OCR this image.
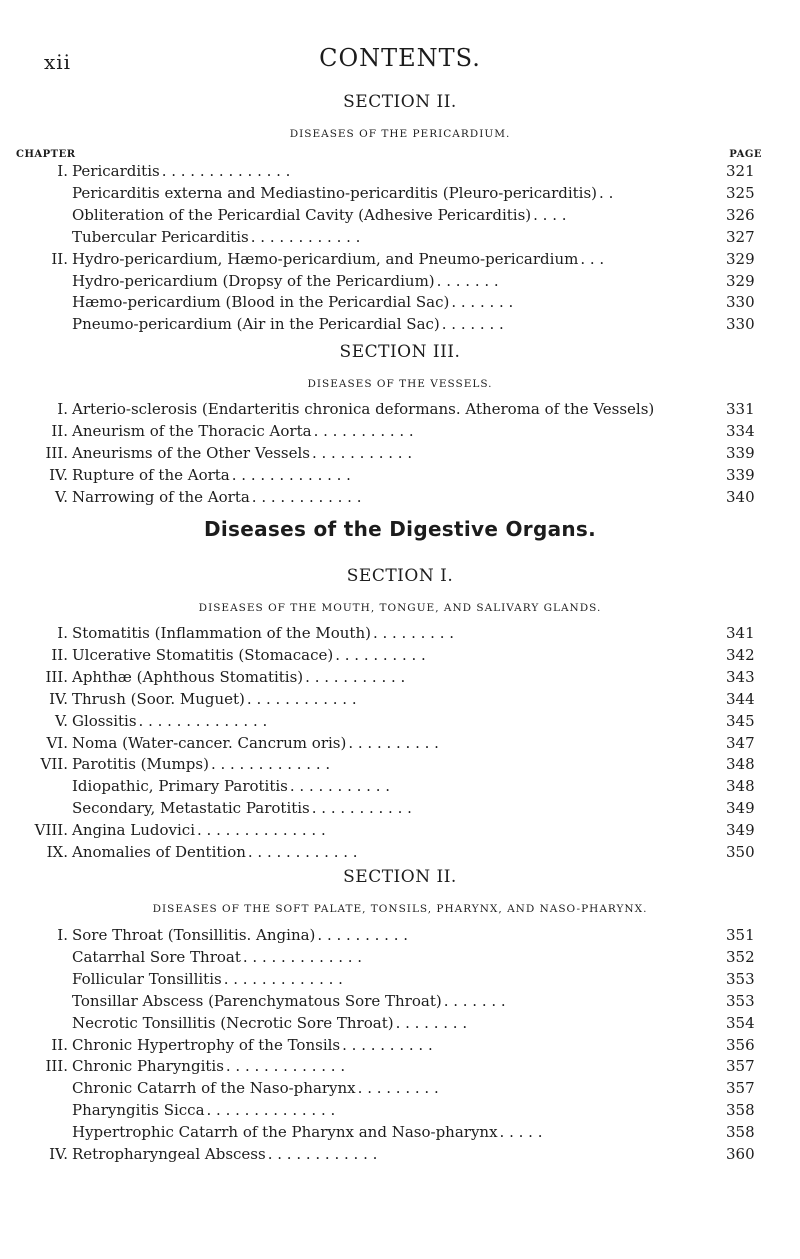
xii	CONTENTS.
SECTION II.
DISEASES OF THE PERICARDIUM.
CHAPTER	PAGE
I. Pericarditis . . . . . . . . . . . . . .	321
Pericarditis externa and Mediastino-pericarditis (Pleuro-pericarditis) . .	325
Obliteration of the Pericardial Cavity (Adhesive Pericarditis) . . . .	326
Tubercular Pericarditis . . . . . . . . . . . .	327
II. Hydro-pericardium, Hæmo-pericardium, and Pneumo-pericardium . . .	329
Hydro-pericardium (Dropsy of the Pericardium) . . . . . . .	329
Hæmo-pericardium (Blood in the Pericardial Sac) . . . . . . .	330
Pneumo-pericardium (Air in the Pericardial Sac) . . . . . . .	330
SECTION III.
DISEASES OF THE VESSELS.
I. Arterio-sclerosis (Endarteritis chronica deformans. Atheroma of the Vessels)	331
II. Aneurism of the Thoracic Aorta . . . . . . . . . . .	334
III. Aneurisms of the Other Vessels . . . . . . . . . . .	339
IV. Rupture of the Aorta . . . . . . . . . . . . .	339
V. Narrowing of the Aorta . . . . . . . . . . . .	340
Diseases of the Digestive Organs.
SECTION I.
DISEASES OF THE MOUTH, TONGUE, AND SALIVARY GLANDS.
I. Stomatitis (Inflammation of the Mouth) . . . . . . . . .	341
II. Ulcerative Stomatitis (Stomacace) . . . . . . . . . .	342
III. Aphthæ (Aphthous Stomatitis) . . . . . . . . . . .	343
IV. Thrush (Soor. Muguet) . . . . . . . . . . . .	344
V. Glossitis . . . . . . . . . . . . . .	345
VI. Noma (Water-cancer. Cancrum oris) . . . . . . . . . .	347
VII. Parotitis (Mumps) . . . . . . . . . . . . .	348
Idiopathic, Primary Parotitis . . . . . . . . . . .	348
Secondary, Metastatic Parotitis . . . . . . . . . . .	349
VIII. Angina Ludovici . . . . . . . . . . . . . .	349
IX. Anomalies of Dentition . . . . . . . . . . . .	350
SECTION II.
DISEASES OF THE SOFT PALATE, TONSILS, PHARYNX, AND NASO-PHARYNX.
I. Sore Throat (Tonsillitis. Angina) . . . . . . . . . .	351
Catarrhal Sore Throat . . . . . . . . . . . . .	352
Follicular Tonsillitis . . . . . . . . . . . . .	353
Tonsillar Abscess (Parenchymatous Sore Throat) . . . . . . .	353
Necrotic Tonsillitis (Necrotic Sore Throat) . . . . . . . .	354
II. Chronic Hypertrophy of the Tonsils . . . . . . . . . .	356
III. Chronic Pharyngitis . . . . . . . . . . . . .	357
Chronic Catarrh of the Naso-pharynx . . . . . . . . .	357
Pharyngitis Sicca . . . . . . . . . . . . . .	358
Hypertrophic Catarrh of the Pharynx and Naso-pharynx . . . . .	358
IV. Retropharyngeal Abscess . . . . . . . . . . . .	360
